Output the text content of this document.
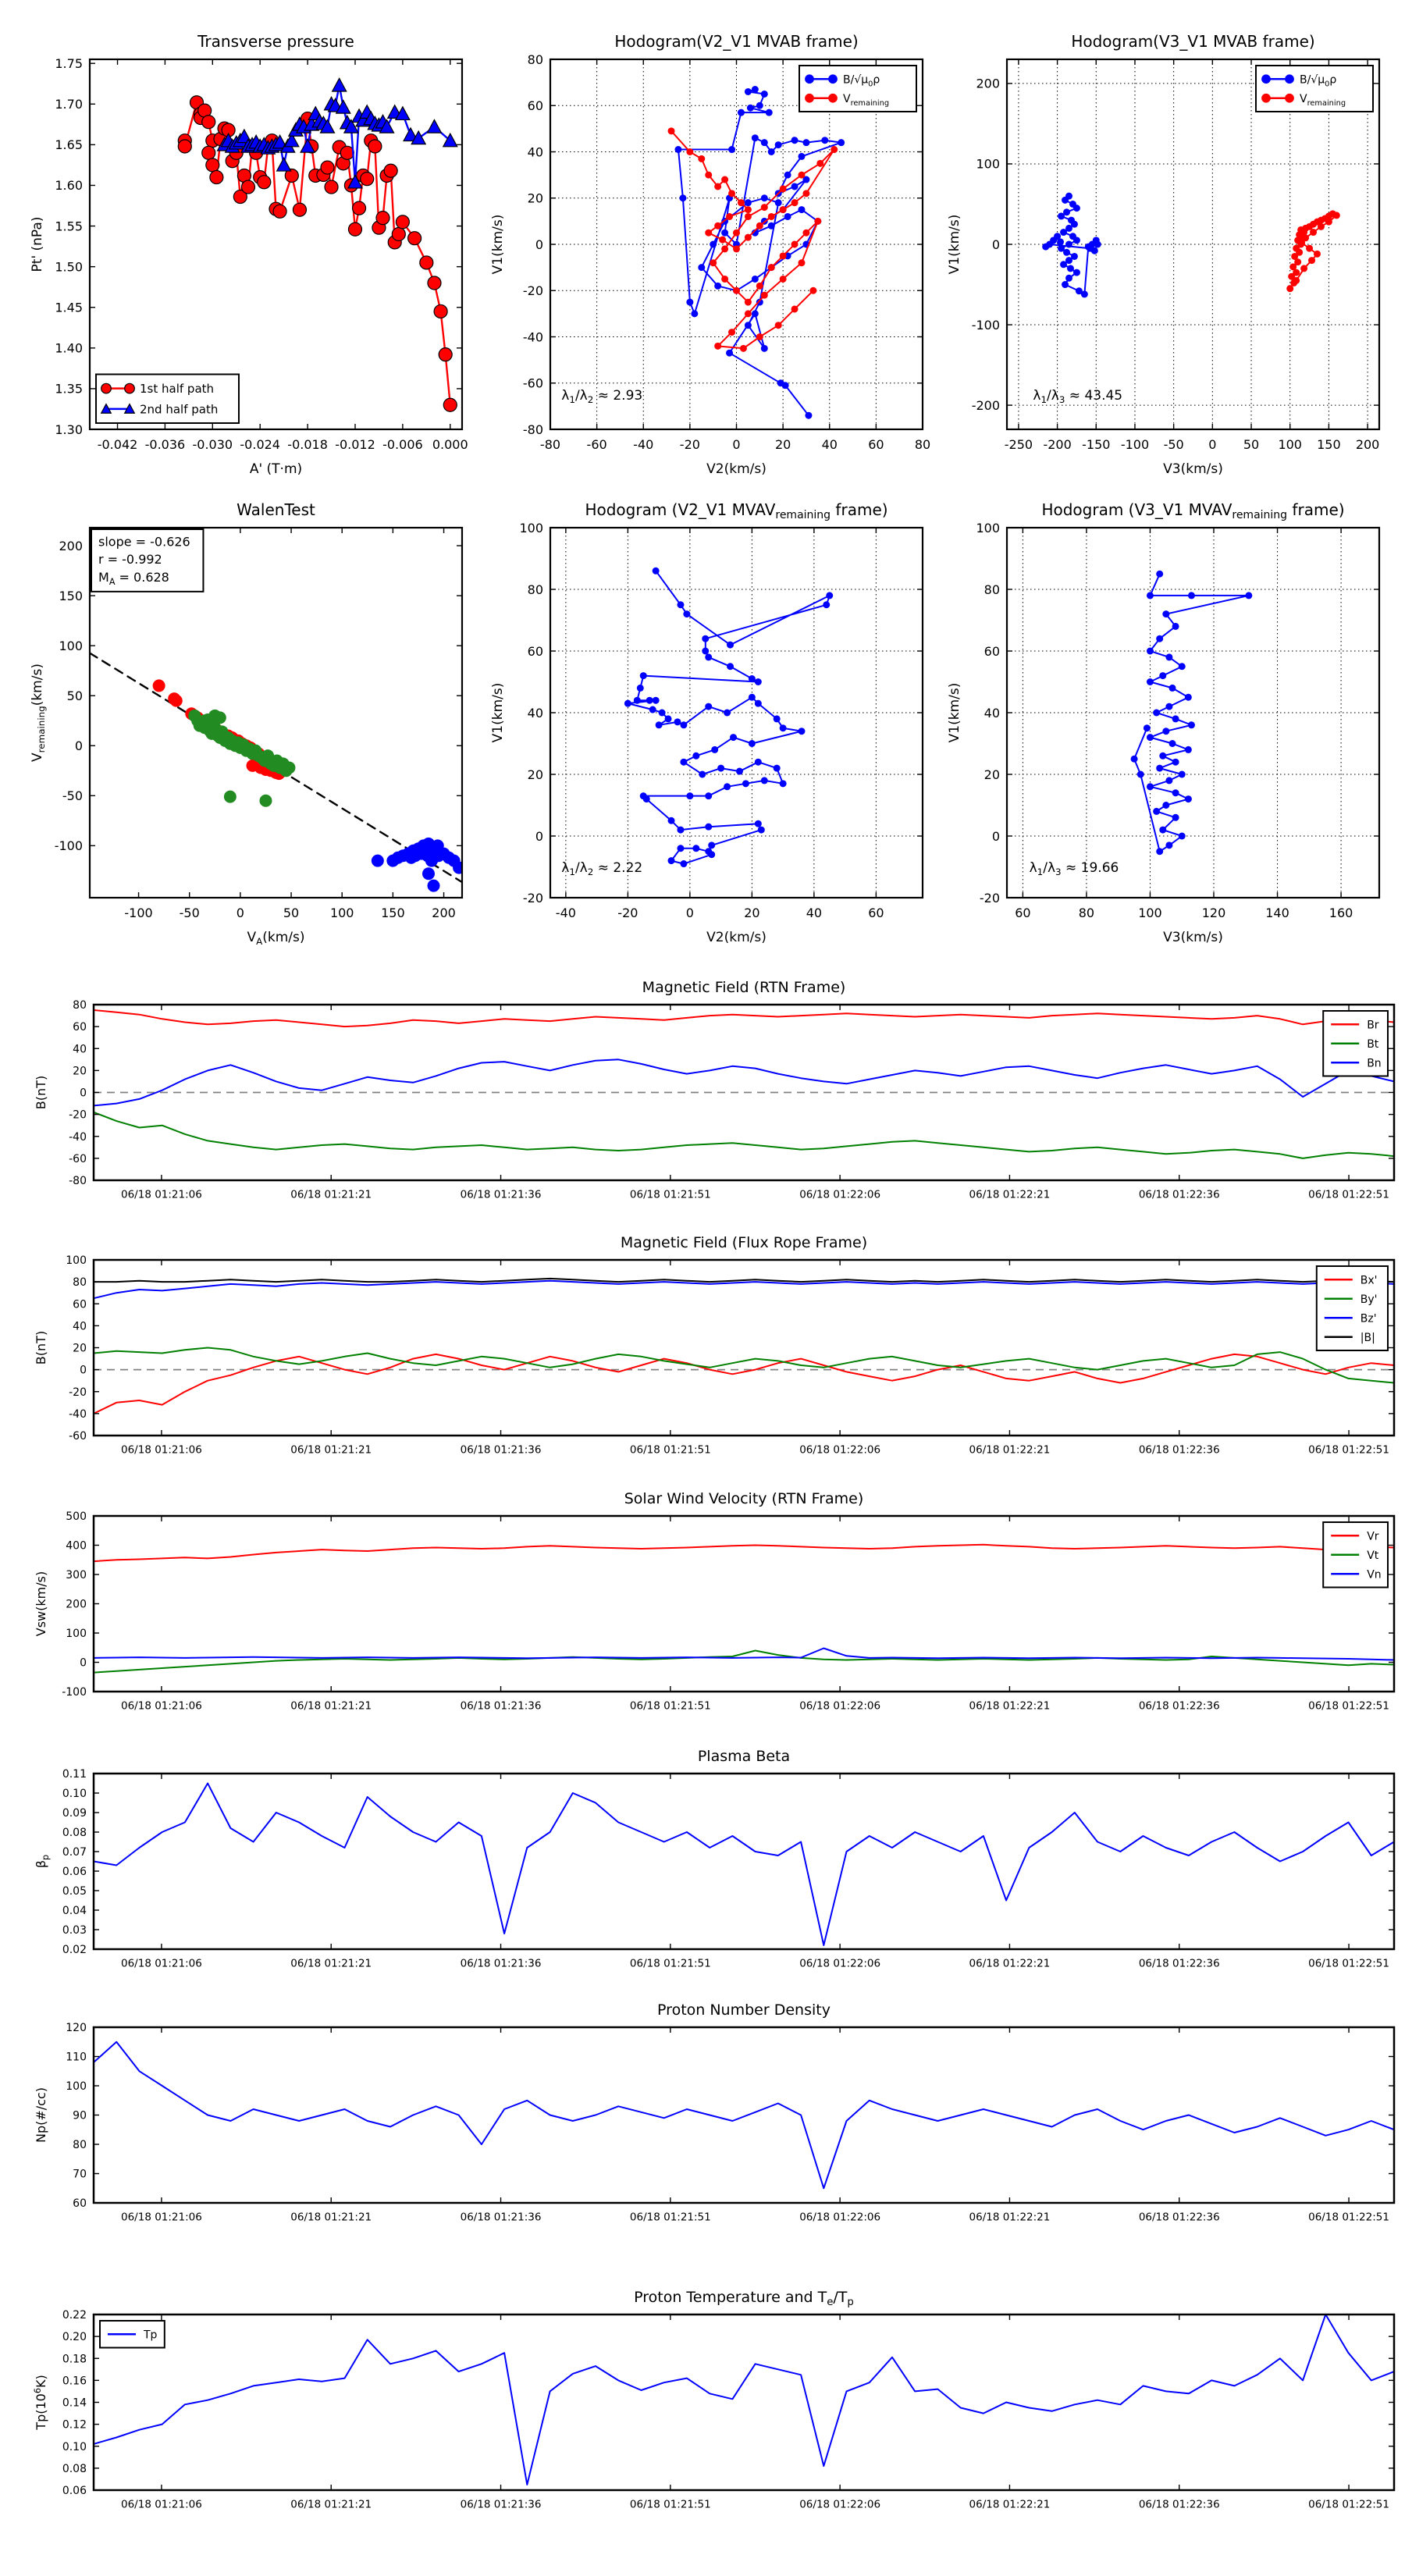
-0.042 -0.036 -0.030 -0.024 -0.018 -0.012 -0.006 0.000
1.30
1.35
1.40
1.45
1.50
1.55
1.60
1.65
1.70
1.75
Transverse pressure
A' (T·m)
Pt' (nPa)
1st half path
2nd half path
-80 -60 -40 -20	0	20 40 60 80
-80
-60
-40
-20
0
20
40
60
80
Hodogram(V2_V1 MVAB frame)
V2(km/s)
V1(km/s)
$\lambda_1/\lambda_2 \approx 2.93$
$B/√\mu_0\rho$
$V_{remaining}$
-250 -200 -150 -100 -50 0 50 100 150 200
-200
-100
0
100
200
Hodogram(V3_V1 MVAB frame)
V3(km/s)
V1(km/s)
$\lambda_1/\lambda_3 \approx 43.45$
$B/√\mu_0\rho$
$V_{remaining}$
-100 -50	0	50 100 150 200
-100
-50
0
50
100
150
200
WalenTest
$V_A(km/s)$
$V_{remaining}(km/s)$
slope = -0.626
r = -0.992
$M_A = 0.628$
-40	-20	0	20	40	60
-20
0
20
40
60
80
100
Hodogram (V2_V1 $MVAV_{remaining}$ frame)
V2(km/s)
V1(km/s)
$\lambda_1/\lambda_2 \approx 2.22$
60	80	100	120	140	160
-20
0
20
40
60
80
100
Hodogram (V3_V1 $MVAV_{remaining}$ frame)
V3(km/s)
V1(km/s)
$\lambda_1/\lambda_3 \approx 19.66$
06/18 01:21:06	06/18 01:21:21	06/18 01:21:36	06/18 01:21:51	06/18 01:22:06	06/18 01:22:21	06/18 01:22:36	06/18 01:22:51
-80
-60
-40
-20
0
20
40
60
80
Magnetic Field (RTN Frame)
B(nT)
Br
Bt
Bn
06/18 01:21:06	06/18 01:21:21	06/18 01:21:36	06/18 01:21:51	06/18 01:22:06	06/18 01:22:21	06/18 01:22:36	06/18 01:22:51
-60
-40
-20
0
20
40
60
80
100
Magnetic Field (Flux Rope Frame)
B(nT)
Bx'
By'
Bz'
|B|
06/18 01:21:06	06/18 01:21:21	06/18 01:21:36	06/18 01:21:51	06/18 01:22:06	06/18 01:22:21	06/18 01:22:36	06/18 01:22:51
-100
0
100
200
300
400
500
Solar Wind Velocity (RTN Frame)
Vsw(km/s)
Vr
Vt
Vn
06/18 01:21:06	06/18 01:21:21	06/18 01:21:36	06/18 01:21:51	06/18 01:22:06	06/18 01:22:21	06/18 01:22:36	06/18 01:22:51
0.02
0.03
0.04
0.05
0.06
0.07
0.08
0.09
0.10
0.11
Plasma Beta
$\beta_p$
06/18 01:21:06	06/18 01:21:21	06/18 01:21:36	06/18 01:21:51	06/18 01:22:06	06/18 01:22:21	06/18 01:22:36	06/18 01:22:51
60
70
80
90
100
110
120
Proton Number Density
Np(#/cc)
06/18 01:21:06	06/18 01:21:21	06/18 01:21:36	06/18 01:21:51	06/18 01:22:06	06/18 01:22:21	06/18 01:22:36	06/18 01:22:51
0.06
0.08
0.10
0.12
0.14
0.16
0.18
0.20
0.22
Proton Temperature and $T_e/T_p$
$Tp(10^6K)$
Tp
